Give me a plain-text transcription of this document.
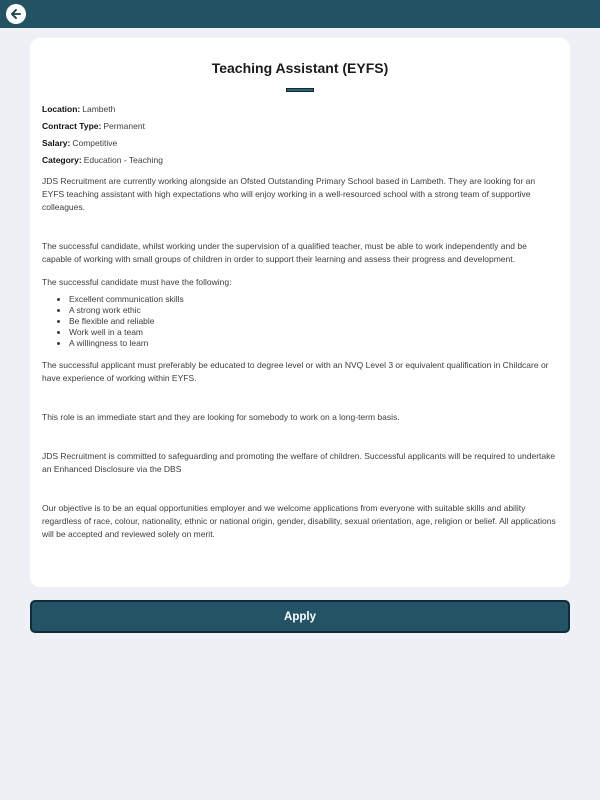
Teaching Assistant (EYFS)

Location: Lambeth

Contract Type: Permanent

Salary: Competitive

Category: Education - Teaching

JDS Recruitment are currently working alongside an Ofsted Outstanding Primary School based in Lambeth. They are looking for an EYFS teaching assistant with high expectations who will enjoy working in a well-resourced school with a strong team of supportive colleagues.

The successful candidate, whilst working under the supervision of a qualified teacher, must be able to work independently and be capable of working with small groups of children in order to support their learning and assess their progress and development.

The successful candidate must have the following:

• Excellent communication skills
• A strong work ethic
• Be flexible and reliable
• Work well in a team
• A willingness to learn

The successful applicant must preferably be educated to degree level or with an NVQ Level 3 or equivalent qualification in Childcare or have experience of working within EYFS.

This role is an immediate start and they are looking for somebody to work on a long-term basis.

JDS Recruitment is committed to safeguarding and promoting the welfare of children. Successful applicants will be required to undertake an Enhanced Disclosure via the DBS

Our objective is to be an equal opportunities employer and we welcome applications from everyone with suitable skills and ability regardless of race, colour, nationality, ethnic or national origin, gender, disability, sexual orientation, age, religion or belief. All applications will be accepted and reviewed solely on merit.

Apply
